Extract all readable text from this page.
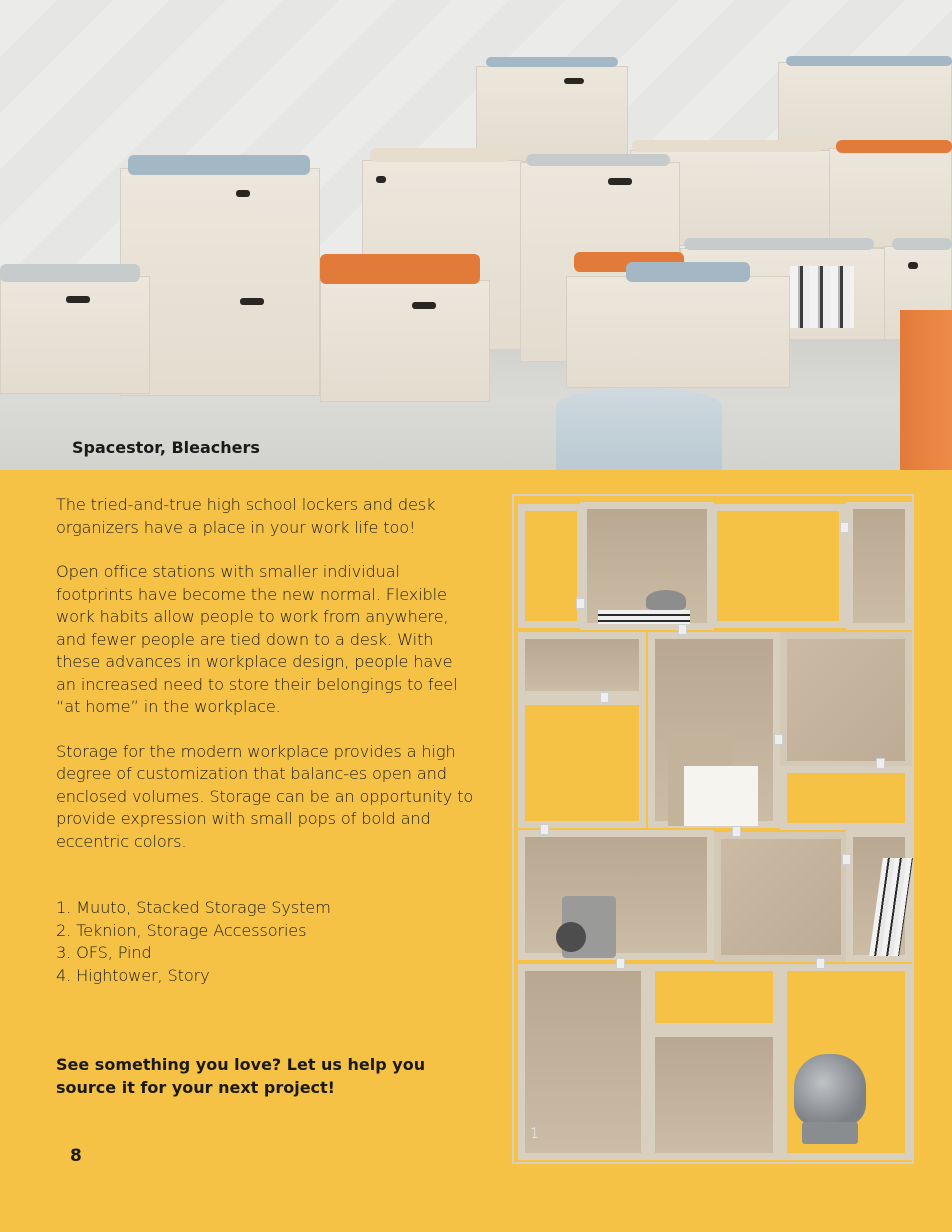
Spacestor, Bleachers

The tried-and-true high school lockers and desk organizers have a place in your work life too!

Open office stations with smaller individual footprints have become the new normal. Flexible work habits allow people to work from anywhere, and fewer people are tied down to a desk. With these advances in workplace design, people have an increased need to store their belongings to feel “at home” in the workplace.

Storage for the modern workplace provides a high degree of customization that balanc-es open and enclosed volumes. Storage can be an opportunity to provide expression with small pops of bold and eccentric colors.

1. Muuto, Stacked Storage System
2. Teknion, Storage Accessories
3. OFS, Pind
4. Hightower, Story
See something you love? Let us help you source it for your next project!
8
1
